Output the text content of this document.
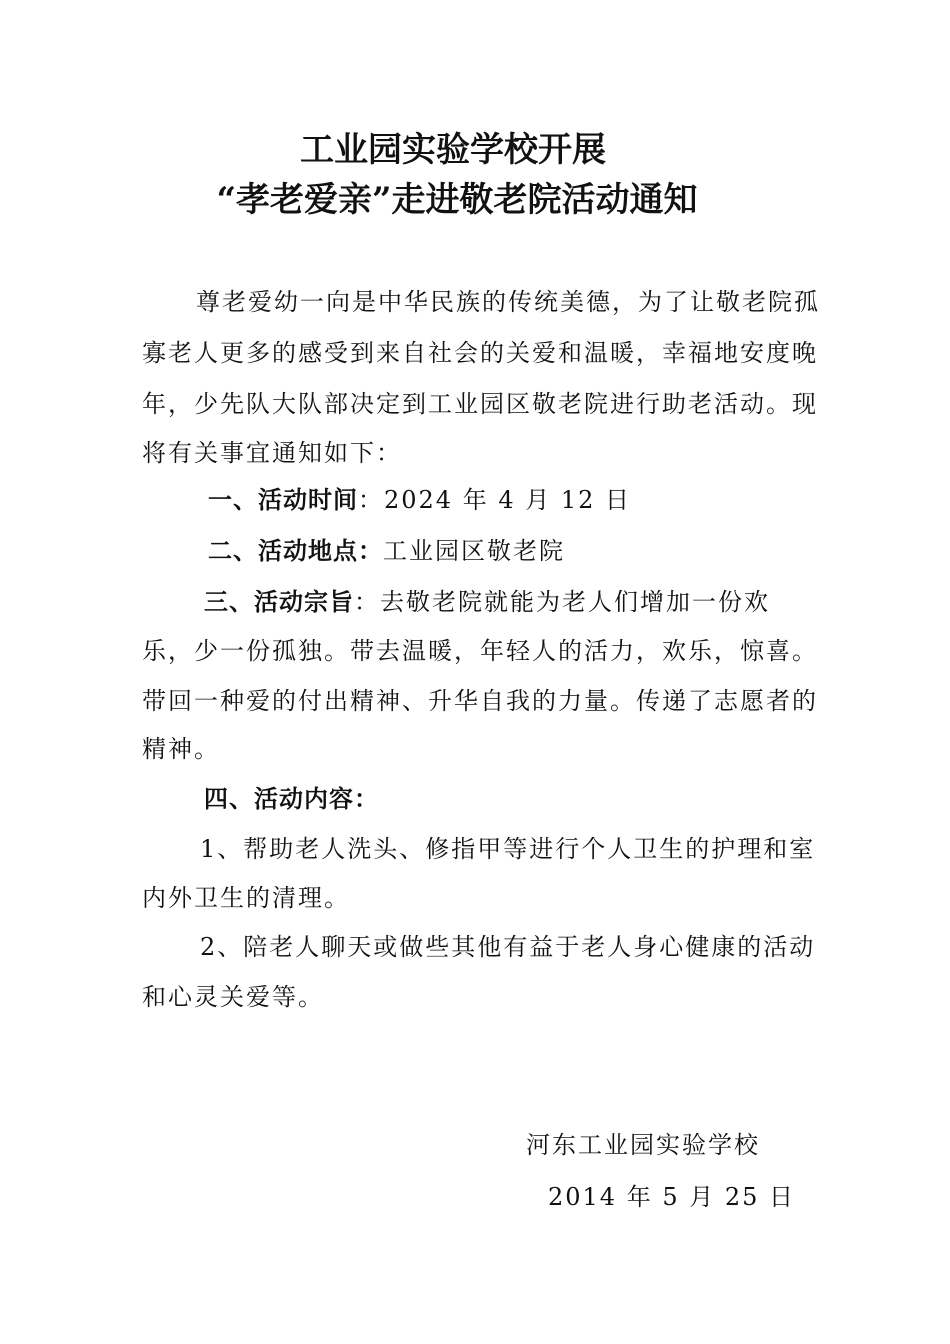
工业园实验学校开展
“孝老爱亲”走进敬老院活动通知
尊老爱幼一向是中华民族的传统美德，为了让敬老院孤
寡老人更多的感受到来自社会的关爱和温暖，幸福地安度晚
年，少先队大队部决定到工业园区敬老院进行助老活动。现
将有关事宜通知如下：
一、活动时间：2024 年 4 月 12 日
二、活动地点：工业园区敬老院
三、活动宗旨：去敬老院就能为老人们增加一份欢
乐，少一份孤独。带去温暖，年轻人的活力，欢乐，惊喜。
带回一种爱的付出精神、升华自我的力量。传递了志愿者的
精神。
四、活动内容：
1、帮助老人洗头、修指甲等进行个人卫生的护理和室
内外卫生的清理。
2、陪老人聊天或做些其他有益于老人身心健康的活动
和心灵关爱等。
河东工业园实验学校
2014 年 5 月 25 日
